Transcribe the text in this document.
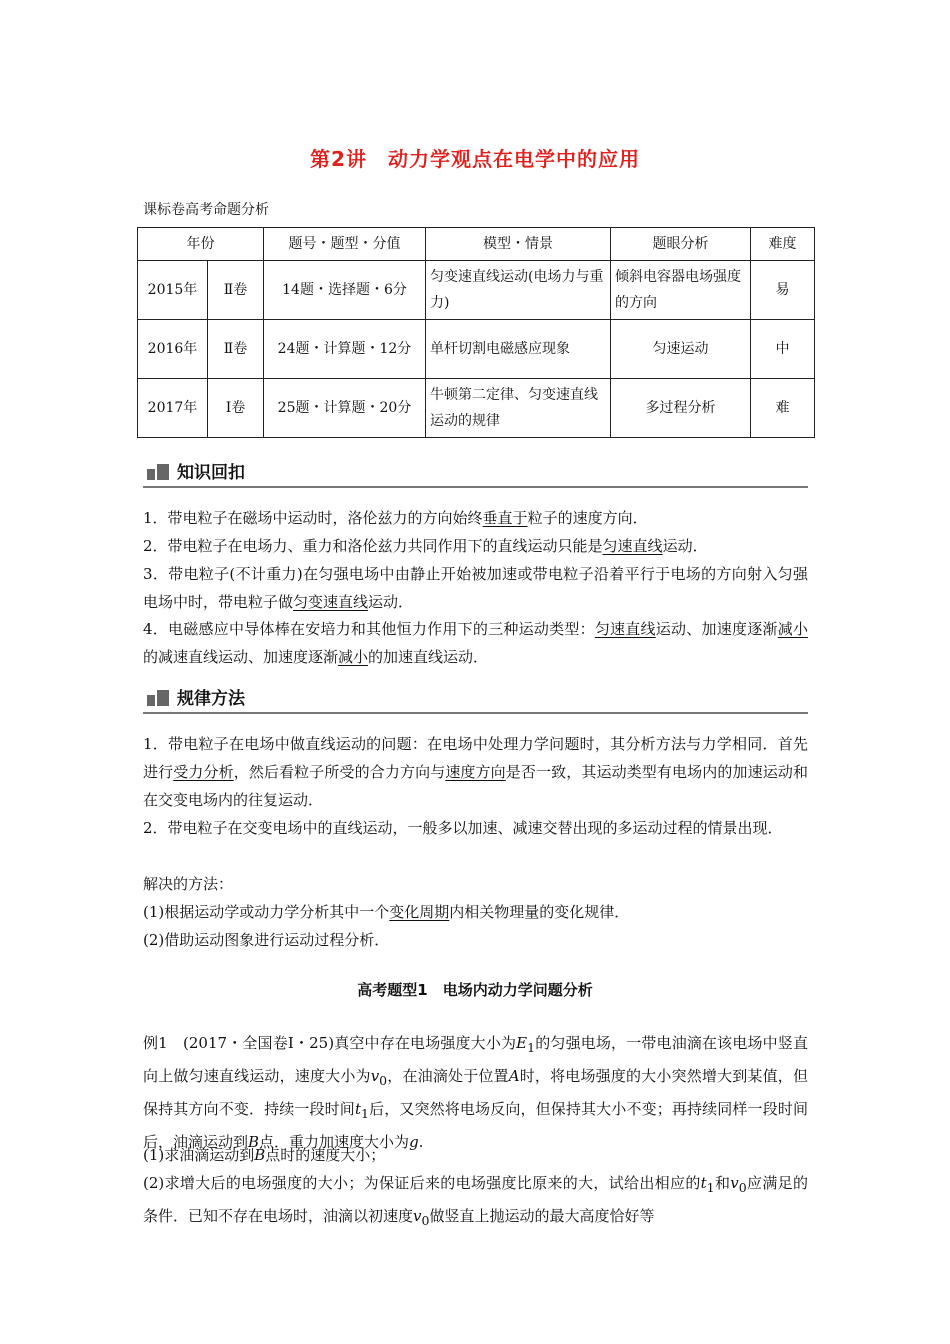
第2讲　动力学观点在电学中的应用
课标卷高考命题分析
年份		题号・题型・分值	模型・情景	题眼分析	难度
2015年	Ⅱ卷	14题・选择题・6分	匀变速直线运动(电场力与重力)	倾斜电容器电场强度的方向	易
2016年	Ⅱ卷	24题・计算题・12分	单杆切割电磁感应现象	匀速运动	中
2017年	Ⅰ卷	25题・计算题・20分	牛顿第二定律、匀变速直线运动的规律	多过程分析	难
知识回扣
1．带电粒子在磁场中运动时，洛伦兹力的方向始终垂直于粒子的速度方向．
2．带电粒子在电场力、重力和洛伦兹力共同作用下的直线运动只能是匀速直线运动．
3．带电粒子(不计重力)在匀强电场中由静止开始被加速或带电粒子沿着平行于电场的方向射入匀强电场中时，带电粒子做匀变速直线运动．
4．电磁感应中导体棒在安培力和其他恒力作用下的三种运动类型：匀速直线运动、加速度逐渐减小的减速直线运动、加速度逐渐减小的加速直线运动．
规律方法
1．带电粒子在电场中做直线运动的问题：在电场中处理力学问题时，其分析方法与力学相同．首先进行受力分析，然后看粒子所受的合力方向与速度方向是否一致，其运动类型有电场内的加速运动和在交变电场内的往复运动．
2．带电粒子在交变电场中的直线运动，一般多以加速、减速交替出现的多运动过程的情景出现．
解决的方法：
(1)根据运动学或动力学分析其中一个变化周期内相关物理量的变化规律．
(2)借助运动图象进行运动过程分析．
高考题型1　电场内动力学问题分析
例1　(2017・全国卷Ⅰ・25)真空中存在电场强度大小为$E_1$的匀强电场，一带电油滴在该电场中竖直向上做匀速直线运动，速度大小为$v_0$，在油滴处于位置A时，将电场强度的大小突然增大到某值，但保持其方向不变．持续一段时间$t_1$后，又突然将电场反向，但保持其大小不变；再持续同样一段时间后，油滴运动到B点．重力加速度大小为g.
(1)求油滴运动到B点时的速度大小；
(2)求增大后的电场强度的大小；为保证后来的电场强度比原来的大，试给出相应的$t_1$和$v_0$应满足的条件．已知不存在电场时，油滴以初速度$v_0$做竖直上抛运动的最大高度恰好等
